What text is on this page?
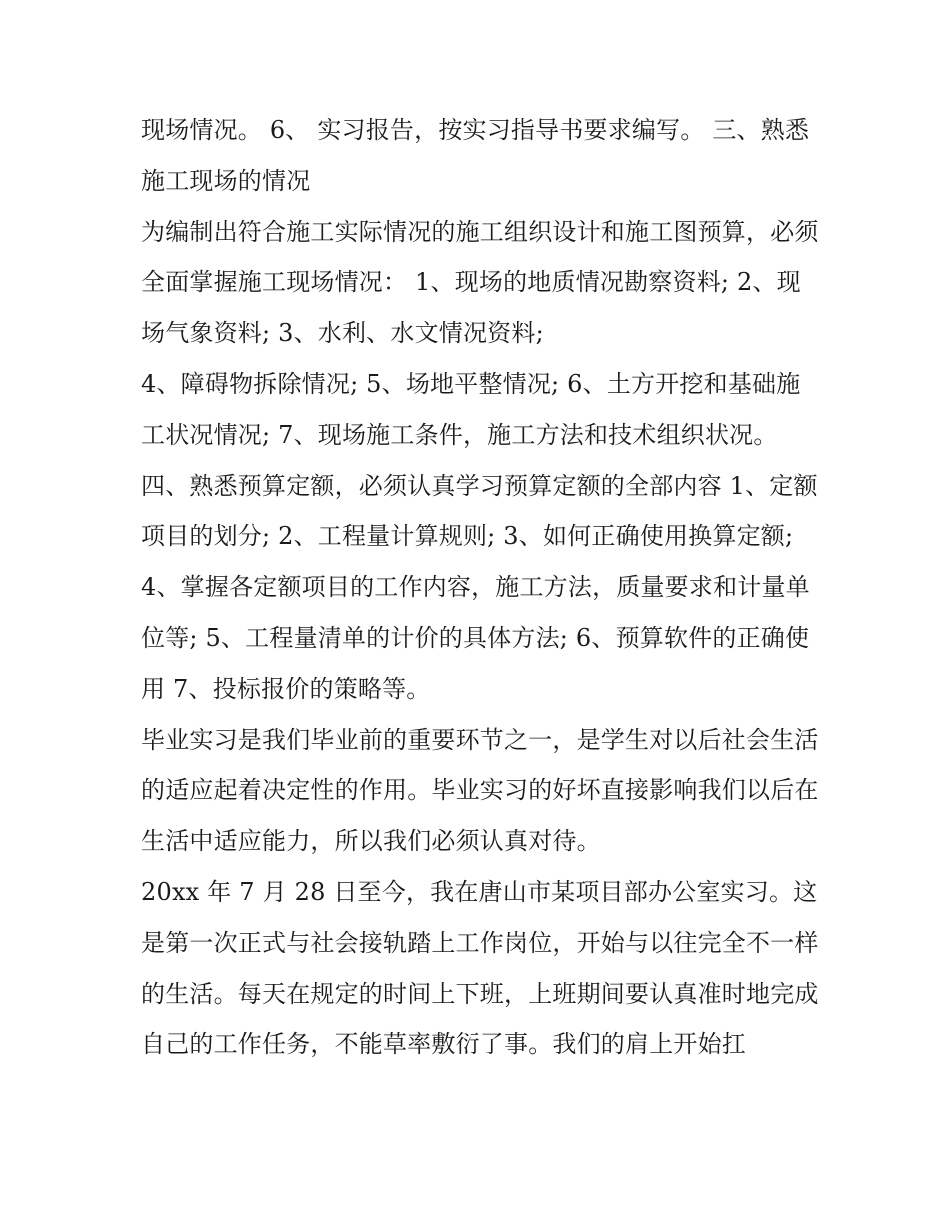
现场情况。 6、 实习报告，按实习指导书要求编写。 三、熟悉施工现场的情况

为编制出符合施工实际情况的施工组织设计和施工图预算，必须全面掌握施工现场情况： 1、现场的地质情况勘察资料; 2、现场气象资料; 3、水利、水文情况资料;

4、障碍物拆除情况; 5、场地平整情况; 6、土方开挖和基础施工状况情况; 7、现场施工条件，施工方法和技术组织状况。 四、熟悉预算定额，必须认真学习预算定额的全部内容 1、定额项目的划分; 2、工程量计算规则; 3、如何正确使用换算定额;

4、掌握各定额项目的工作内容，施工方法，质量要求和计量单位等; 5、工程量清单的计价的具体方法; 6、预算软件的正确使用 7、投标报价的策略等。

毕业实习是我们毕业前的重要环节之一，是学生对以后社会生活的适应起着决定性的作用。毕业实习的好坏直接影响我们以后在生活中适应能力，所以我们必须认真对待。

20xx 年 7 月 28 日至今，我在唐山市某项目部办公室实习。这是第一次正式与社会接轨踏上工作岗位，开始与以往完全不一样的生活。每天在规定的时间上下班，上班期间要认真准时地完成自己的工作任务，不能草率敷衍了事。我们的肩上开始扛
